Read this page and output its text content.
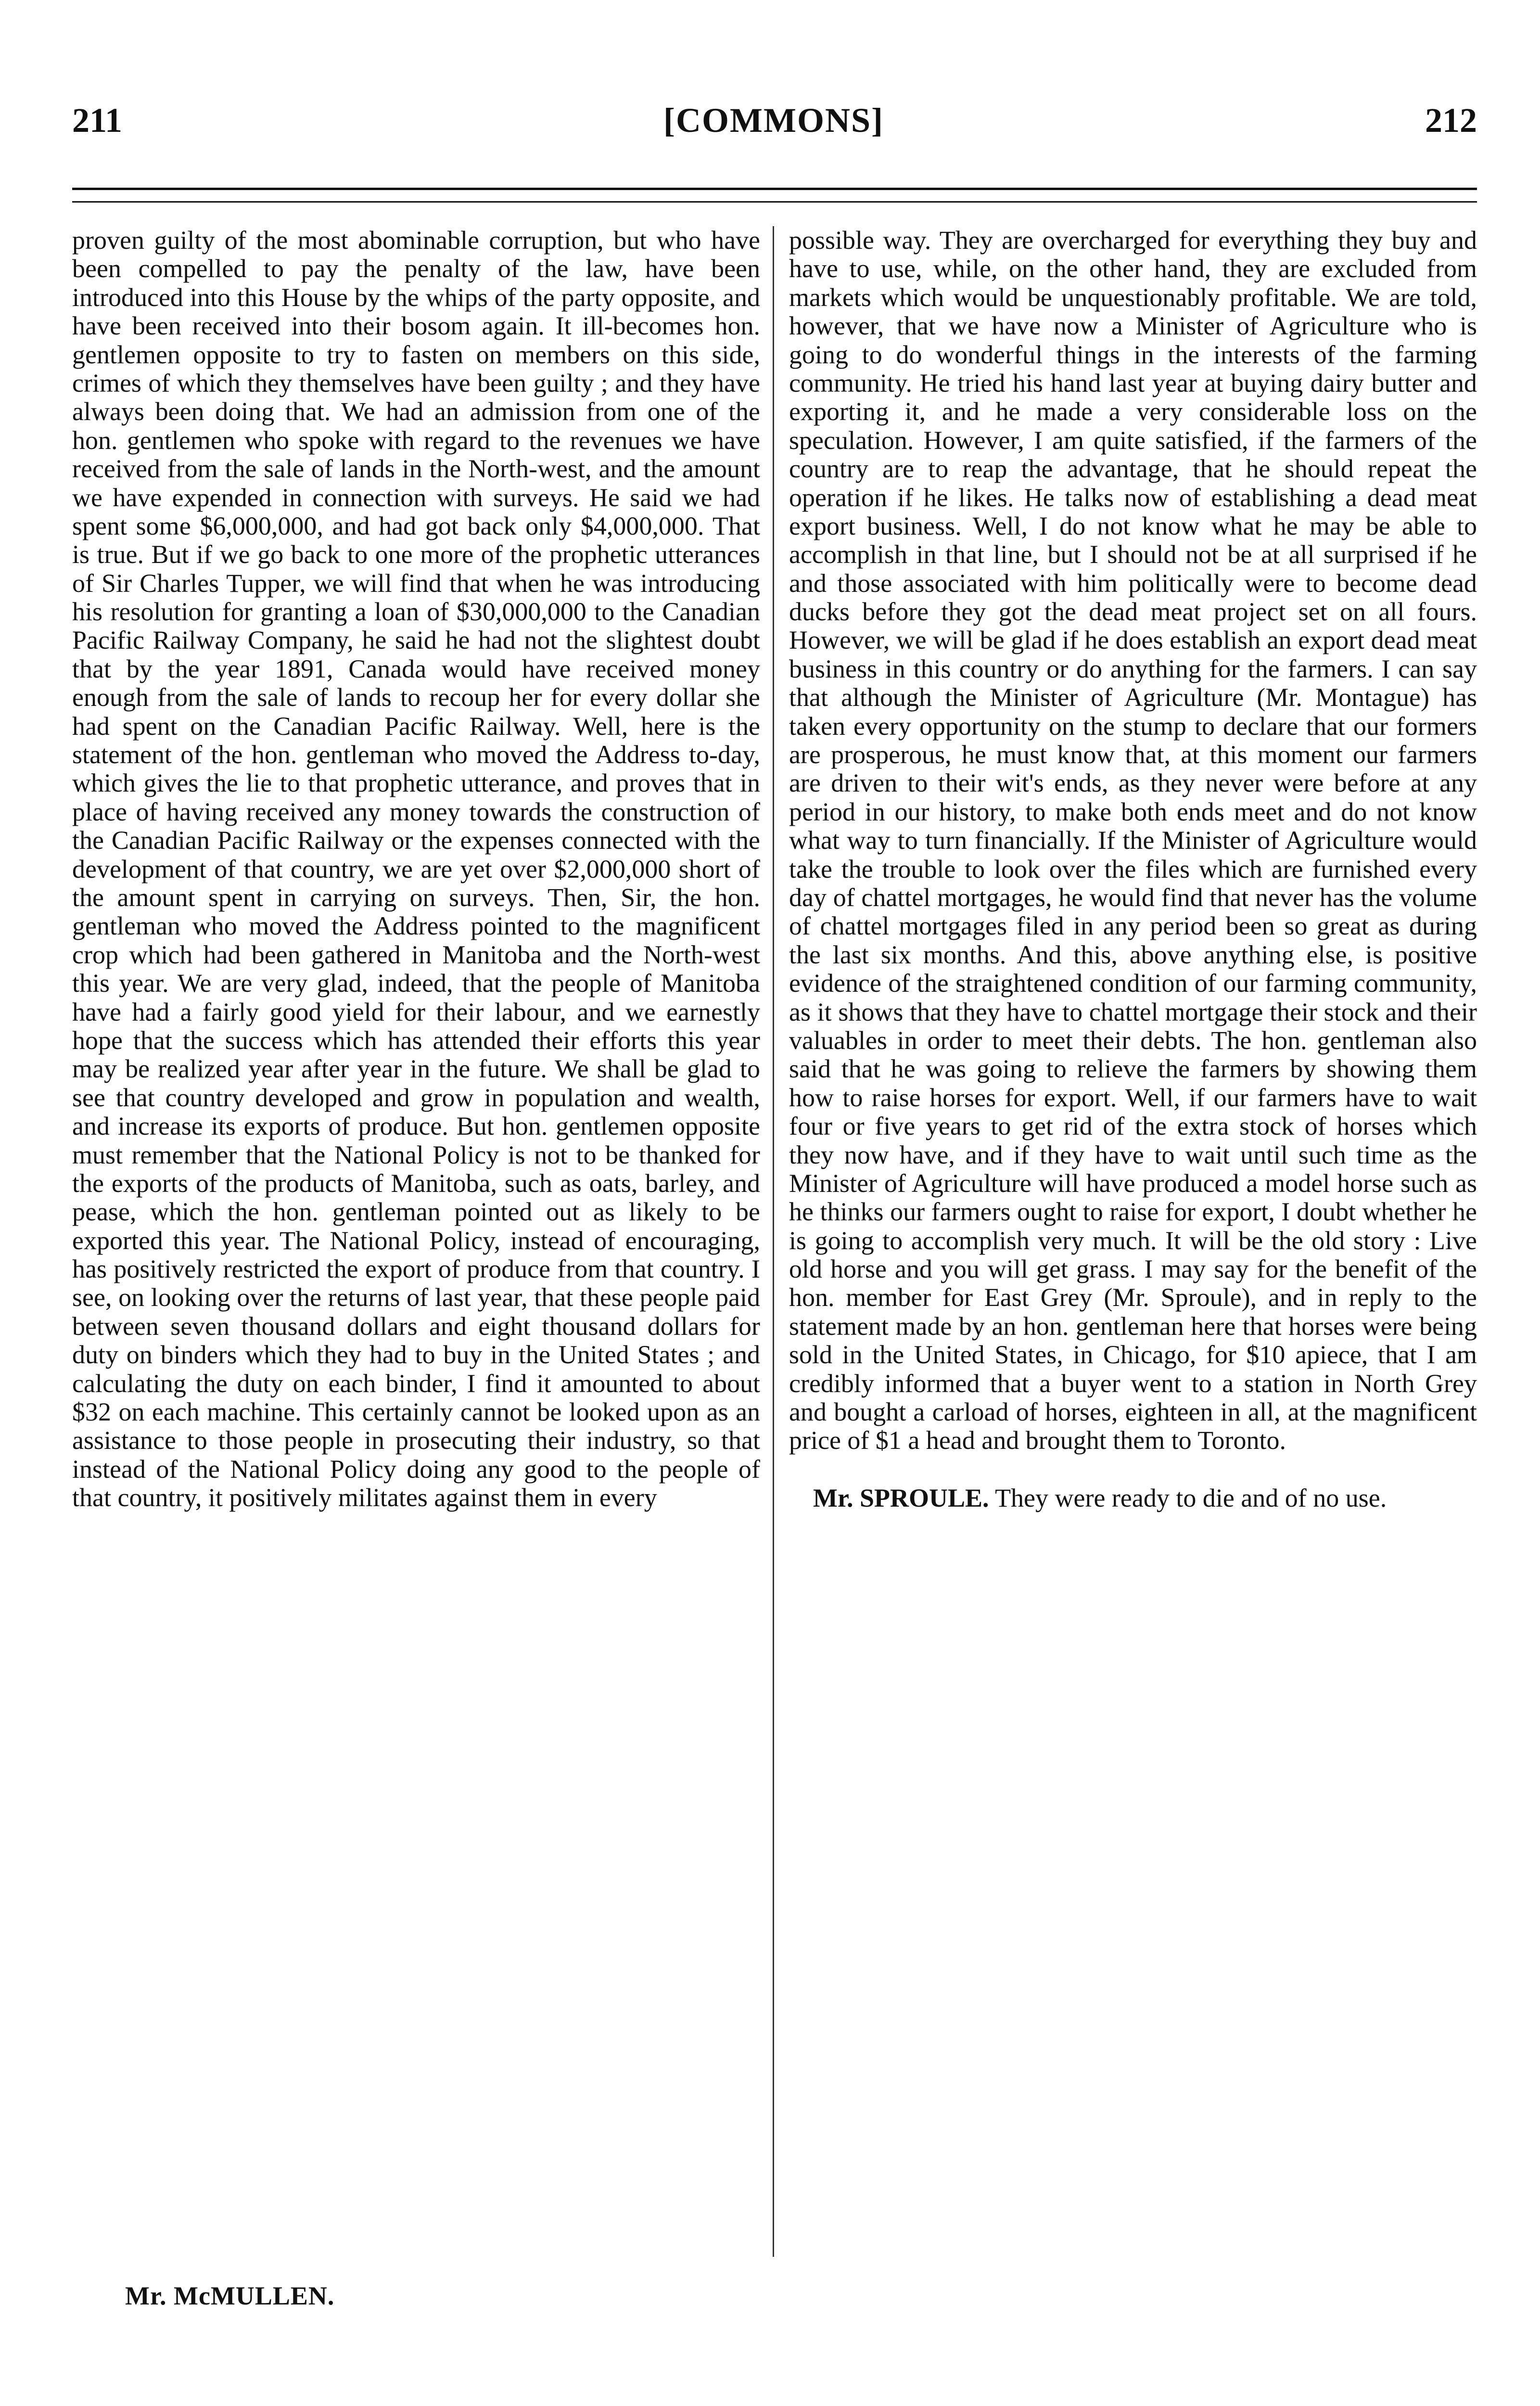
211	[COMMONS]	212

proven guilty of the most abominable corruption, but who have been compelled to pay the penalty of the law, have been introduced into this House by the whips of the party opposite, and have been received into their bosom again. It ill-becomes hon. gentlemen opposite to try to fasten on members on this side, crimes of which they themselves have been guilty ; and they have always been doing that. We had an admission from one of the hon. gentlemen who spoke with regard to the revenues we have received from the sale of lands in the North-west, and the amount we have expended in connection with surveys. He said we had spent some $6,000,000, and had got back only $4,000,000. That is true. But if we go back to one more of the prophetic utterances of Sir Charles Tupper, we will find that when he was introducing his resolution for granting a loan of $30,000,000 to the Canadian Pacific Railway Company, he said he had not the slightest doubt that by the year 1891, Canada would have received money enough from the sale of lands to recoup her for every dollar she had spent on the Canadian Pacific Railway. Well, here is the statement of the hon. gentleman who moved the Address to-day, which gives the lie to that prophetic utterance, and proves that in place of having received any money towards the construction of the Canadian Pacific Railway or the expenses connected with the development of that country, we are yet over $2,000,000 short of the amount spent in carrying on surveys. Then, Sir, the hon. gentleman who moved the Address pointed to the magnificent crop which had been gathered in Manitoba and the North-west this year. We are very glad, indeed, that the people of Manitoba have had a fairly good yield for their labour, and we earnestly hope that the success which has attended their efforts this year may be realized year after year in the future. We shall be glad to see that country developed and grow in population and wealth, and increase its exports of produce. But hon. gentlemen opposite must remember that the National Policy is not to be thanked for the exports of the products of Manitoba, such as oats, barley, and pease, which the hon. gentleman pointed out as likely to be exported this year. The National Policy, instead of encouraging, has positively restricted the export of produce from that country. I see, on looking over the returns of last year, that these people paid between seven thousand dollars and eight thousand dollars for duty on binders which they had to buy in the United States ; and calculating the duty on each binder, I find it amounted to about $32 on each machine. This certainly cannot be looked upon as an assistance to those people in prosecuting their industry, so that instead of the National Policy doing any good to the people of that country, it positively militates against them in every

possible way. They are overcharged for everything they buy and have to use, while, on the other hand, they are excluded from markets which would be unquestionably profitable. We are told, however, that we have now a Minister of Agriculture who is going to do wonderful things in the interests of the farming community. He tried his hand last year at buying dairy butter and exporting it, and he made a very considerable loss on the speculation. However, I am quite satisfied, if the farmers of the country are to reap the advantage, that he should repeat the operation if he likes. He talks now of establishing a dead meat export business. Well, I do not know what he may be able to accomplish in that line, but I should not be at all surprised if he and those associated with him politically were to become dead ducks before they got the dead meat project set on all fours. However, we will be glad if he does establish an export dead meat business in this country or do anything for the farmers. I can say that although the Minister of Agriculture (Mr. Montague) has taken every opportunity on the stump to declare that our formers are prosperous, he must know that, at this moment our farmers are driven to their wit's ends, as they never were before at any period in our history, to make both ends meet and do not know what way to turn financially. If the Minister of Agriculture would take the trouble to look over the files which are furnished every day of chattel mortgages, he would find that never has the volume of chattel mortgages filed in any period been so great as during the last six months. And this, above anything else, is positive evidence of the straightened condition of our farming community, as it shows that they have to chattel mortgage their stock and their valuables in order to meet their debts. The hon. gentleman also said that he was going to relieve the farmers by showing them how to raise horses for export. Well, if our farmers have to wait four or five years to get rid of the extra stock of horses which they now have, and if they have to wait until such time as the Minister of Agriculture will have produced a model horse such as he thinks our farmers ought to raise for export, I doubt whether he is going to accomplish very much. It will be the old story : Live old horse and you will get grass. I may say for the benefit of the hon. member for East Grey (Mr. Sproule), and in reply to the statement made by an hon. gentleman here that horses were being sold in the United States, in Chicago, for $10 apiece, that I am credibly informed that a buyer went to a station in North Grey and bought a carload of horses, eighteen in all, at the magnificent price of $1 a head and brought them to Toronto.

Mr. SPROULE. They were ready to die and of no use.

Mr. McMULLEN.
